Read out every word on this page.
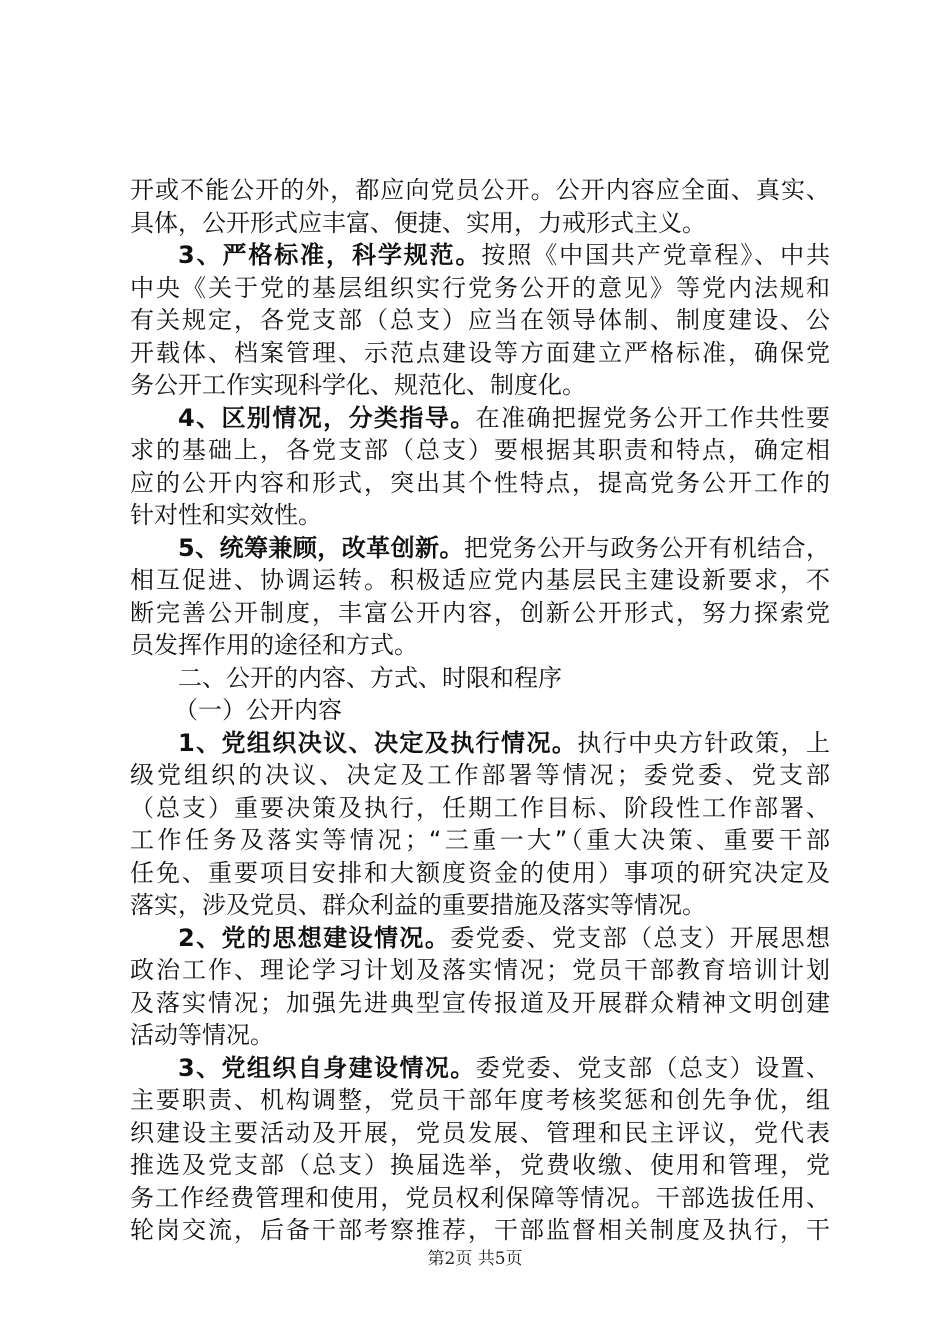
开或不能公开的外，都应向党员公开。公开内容应全面、真实、
具体，公开形式应丰富、便捷、实用，力戒形式主义。
3、严格标准，科学规范。按照《中国共产党章程》、中共
中央《关于党的基层组织实行党务公开的意见》等党内法规和
有关规定，各党支部（总支）应当在领导体制、制度建设、公
开载体、档案管理、示范点建设等方面建立严格标准，确保党
务公开工作实现科学化、规范化、制度化。
4、区别情况，分类指导。在准确把握党务公开工作共性要
求的基础上，各党支部（总支）要根据其职责和特点，确定相
应的公开内容和形式，突出其个性特点，提高党务公开工作的
针对性和实效性。
5、统筹兼顾，改革创新。把党务公开与政务公开有机结合，
相互促进、协调运转。积极适应党内基层民主建设新要求，不
断完善公开制度，丰富公开内容，创新公开形式，努力探索党
员发挥作用的途径和方式。
二、公开的内容、方式、时限和程序
（一）公开内容
1、党组织决议、决定及执行情况。执行中央方针政策，上
级党组织的决议、决定及工作部署等情况；委党委、党支部
（总支）重要决策及执行，任期工作目标、阶段性工作部署、
工作任务及落实等情况；“三重一大”（重大决策、重要干部
任免、重要项目安排和大额度资金的使用）事项的研究决定及
落实，涉及党员、群众利益的重要措施及落实等情况。
2、党的思想建设情况。委党委、党支部（总支）开展思想
政治工作、理论学习计划及落实情况；党员干部教育培训计划
及落实情况；加强先进典型宣传报道及开展群众精神文明创建
活动等情况。
3、党组织自身建设情况。委党委、党支部（总支）设置、
主要职责、机构调整，党员干部年度考核奖惩和创先争优，组
织建设主要活动及开展，党员发展、管理和民主评议，党代表
推选及党支部（总支）换届选举，党费收缴、使用和管理，党
务工作经费管理和使用，党员权利保障等情况。干部选拔任用、
轮岗交流，后备干部考察推荐，干部监督相关制度及执行，干
第2页 共5页
